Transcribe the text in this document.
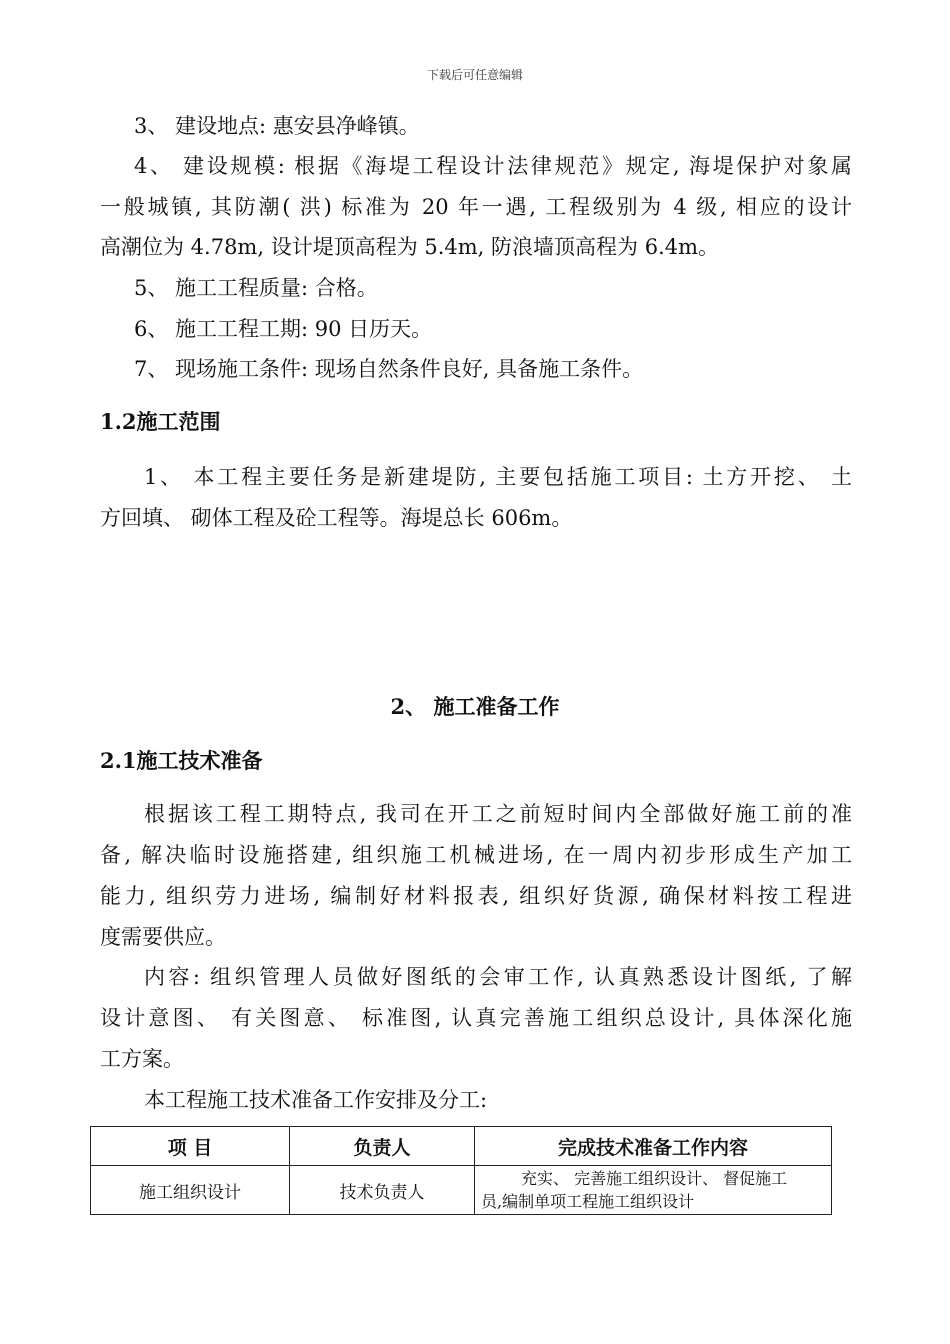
下载后可任意编辑
3、 建设地点: 惠安县净峰镇。
4、 建设规模: 根据《海堤工程设计法律规范》规定, 海堤保护对象属
一般城镇, 其防潮( 洪) 标准为 20 年一遇, 工程级别为 4 级, 相应的设计
高潮位为 4.78m, 设计堤顶高程为 5.4m, 防浪墙顶高程为 6.4m。
5、 施工工程质量: 合格。
6、 施工工程工期: 90 日历天。
7、 现场施工条件: 现场自然条件良好, 具备施工条件。
1.2施工范围
1、 本工程主要任务是新建堤防, 主要包括施工项目: 土方开挖、 土
方回填、 砌体工程及砼工程等。海堤总长 606m。
2、 施工准备工作
2.1施工技术准备
根据该工程工期特点, 我司在开工之前短时间内全部做好施工前的准
备, 解决临时设施搭建, 组织施工机械进场, 在一周内初步形成生产加工
能力, 组织劳力进场, 编制好材料报表, 组织好货源, 确保材料按工程进
度需要供应。
内容: 组织管理人员做好图纸的会审工作, 认真熟悉设计图纸, 了解
设计意图、 有关图意、 标准图, 认真完善施工组织总设计, 具体深化施
工方案。
本工程施工技术准备工作安排及分工:
项 目	负责人	完成技术准备工作内容
施工组织设计	技术负责人	充实、 完善施工组织设计、 督促施工
员,编制单项工程施工组织设计
